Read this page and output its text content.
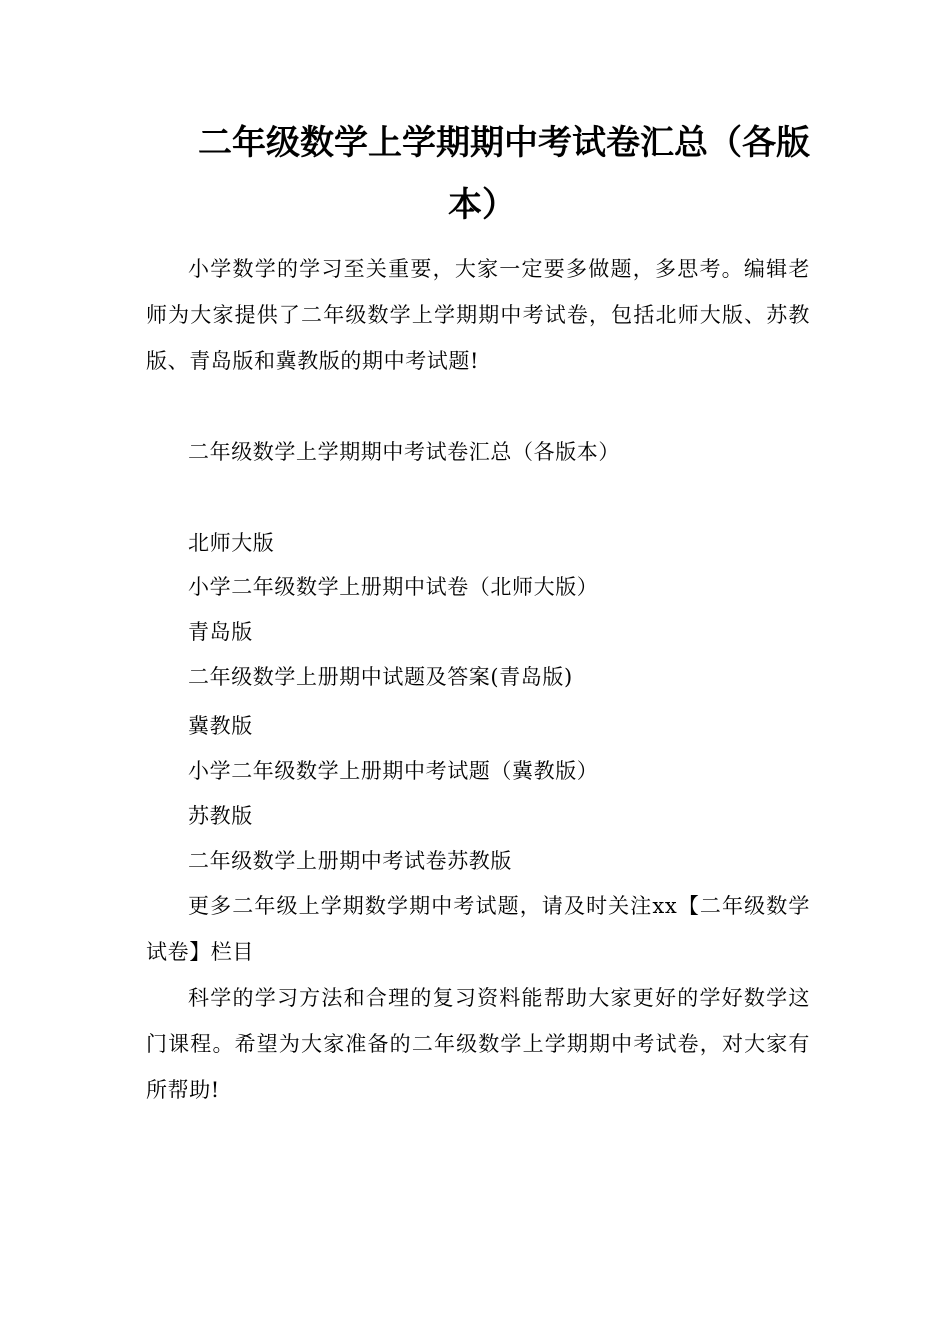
二年级数学上学期期中考试卷汇总（各版
本）

小学数学的学习至关重要，大家一定要多做题，多思考。编辑老师为大家提供了二年级数学上学期期中考试卷，包括北师大版、苏教版、青岛版和冀教版的期中考试题!

二年级数学上学期期中考试卷汇总（各版本）

北师大版

小学二年级数学上册期中试卷（北师大版）

青岛版

二年级数学上册期中试题及答案(青岛版)

冀教版

小学二年级数学上册期中考试题（冀教版）

苏教版

二年级数学上册期中考试卷苏教版

更多二年级上学期数学期中考试题，请及时关注xx【二年级数学试卷】栏目

科学的学习方法和合理的复习资料能帮助大家更好的学好数学这门课程。希望为大家准备的二年级数学上学期期中考试卷，对大家有所帮助!
